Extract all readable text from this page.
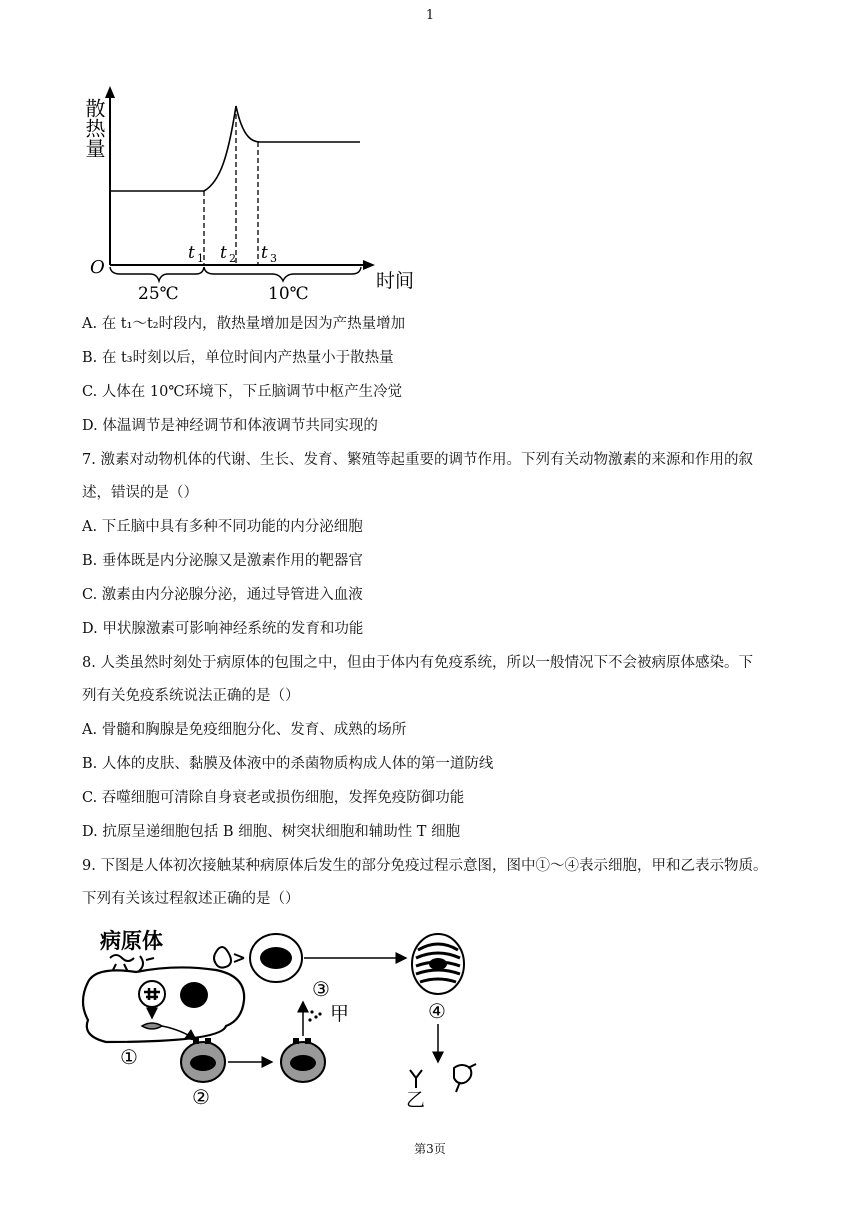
1
散热量
t 1 t 2 t 3
O
时间
25℃	10℃
A. 在 t₁～t₂时段内，散热量增加是因为产热量增加
B. 在 t₃时刻以后，单位时间内产热量小于散热量
C. 人体在 10℃环境下，下丘脑调节中枢产生冷觉
D. 体温调节是神经调节和体液调节共同实现的
7. 激素对动物机体的代谢、生长、发育、繁殖等起重要的调节作用。下列有关动物激素的来源和作用的叙
述，错误的是（）
A. 下丘脑中具有多种不同功能的内分泌细胞
B. 垂体既是内分泌腺又是激素作用的靶器官
C. 激素由内分泌腺分泌，通过导管进入血液
D. 甲状腺激素可影响神经系统的发育和功能
8. 人类虽然时刻处于病原体的包围之中，但由于体内有免疫系统，所以一般情况下不会被病原体感染。下
列有关免疫系统说法正确的是（）
A. 骨髓和胸腺是免疫细胞分化、发育、成熟的场所
B. 人体的皮肤、黏膜及体液中的杀菌物质构成人体的第一道防线
C. 吞噬细胞可清除自身衰老或损伤细胞，发挥免疫防御功能
D. 抗原呈递细胞包括 B 细胞、树突状细胞和辅助性 T 细胞
9. 下图是人体初次接触某种病原体后发生的部分免疫过程示意图，图中①～④表示细胞，甲和乙表示物质。
下列有关该过程叙述正确的是（）
病原体
①
②
甲
③
④
乙
第3页
